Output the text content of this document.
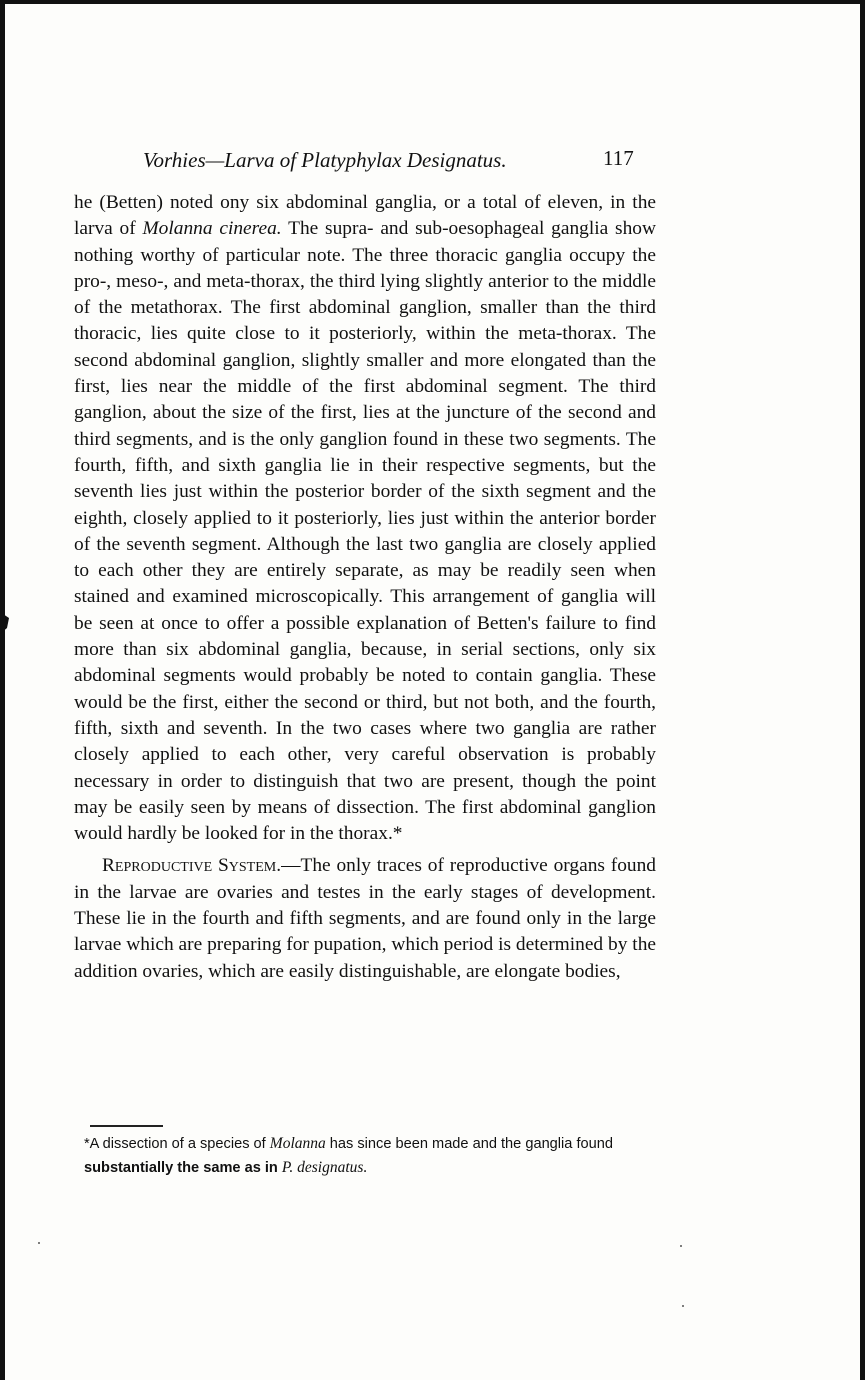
Vorhies—Larva of Platyphylax Designatus.	117

he (Betten) noted ony six abdominal ganglia, or a total of eleven, in the larva of Molanna cinerea. The supra- and sub-oesophageal ganglia show nothing worthy of particular note. The three thoracic ganglia occupy the pro-, meso-, and meta-thorax, the third lying slightly anterior to the middle of the metathorax. The first abdominal ganglion, smaller than the third thoracic, lies quite close to it posteriorly, within the meta-thorax. The second abdominal ganglion, slightly smaller and more elongated than the first, lies near the middle of the first abdominal segment. The third ganglion, about the size of the first, lies at the juncture of the second and third segments, and is the only ganglion found in these two segments. The fourth, fifth, and sixth ganglia lie in their respective segments, but the seventh lies just within the posterior border of the sixth segment and the eighth, closely applied to it posteriorly, lies just within the anterior border of the seventh segment. Although the last two ganglia are closely applied to each other they are entirely separate, as may be readily seen when stained and examined microscopically. This arrangement of ganglia will be seen at once to offer a possible explanation of Betten's failure to find more than six abdominal ganglia, because, in serial sections, only six abdominal segments would probably be noted to contain ganglia. These would be the first, either the second or third, but not both, and the fourth, fifth, sixth and seventh. In the two cases where two ganglia are rather closely applied to each other, very careful observation is probably necessary in order to distinguish that two are present, though the point may be easily seen by means of dissection. The first abdominal ganglion would hardly be looked for in the thorax.*

Reproductive System.—The only traces of reproductive organs found in the larvae are ovaries and testes in the early stages of development. These lie in the fourth and fifth segments, and are found only in the large larvae which are preparing for pupation, which period is determined by the addition ovaries, which are easily distinguishable, are elongate bodies,

*A dissection of a species of Molanna has since been made and the ganglia found substantially the same as in P. designatus.
